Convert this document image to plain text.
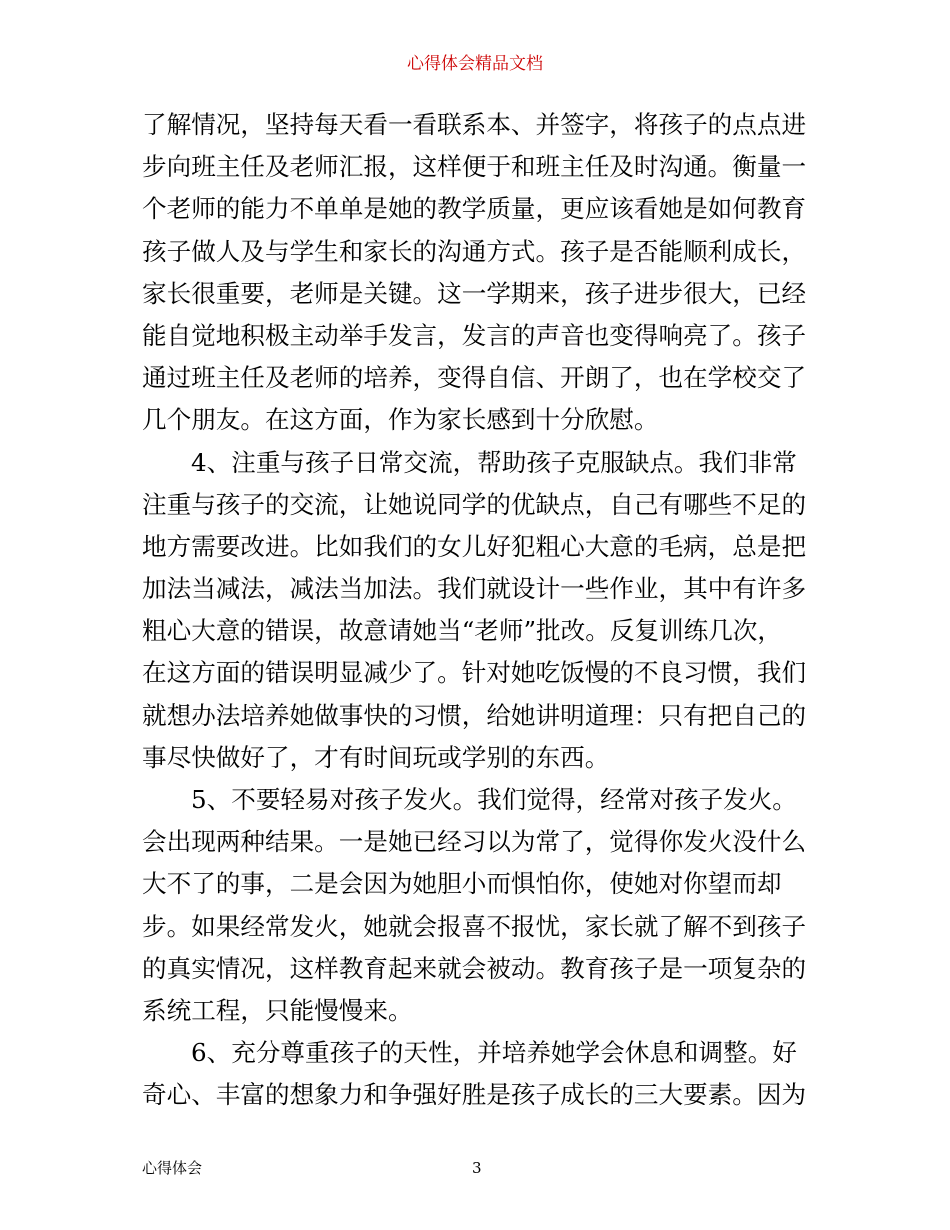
心得体会精品文档
了解情况，坚持每天看一看联系本、并签字，将孩子的点点进
步向班主任及老师汇报，这样便于和班主任及时沟通。衡量一
个老师的能力不单单是她的教学质量，更应该看她是如何教育
孩子做人及与学生和家长的沟通方式。孩子是否能顺利成长，
家长很重要，老师是关键。这一学期来，孩子进步很大，已经
能自觉地积极主动举手发言，发言的声音也变得响亮了。孩子
通过班主任及老师的培养，变得自信、开朗了，也在学校交了
几个朋友。在这方面，作为家长感到十分欣慰。
4、注重与孩子日常交流，帮助孩子克服缺点。我们非常
注重与孩子的交流，让她说同学的优缺点，自己有哪些不足的
地方需要改进。比如我们的女儿好犯粗心大意的毛病，总是把
加法当减法，减法当加法。我们就设计一些作业，其中有许多
粗心大意的错误，故意请她当“老师”批改。反复训练几次，
在这方面的错误明显减少了。针对她吃饭慢的不良习惯，我们
就想办法培养她做事快的习惯，给她讲明道理：只有把自己的
事尽快做好了，才有时间玩或学别的东西。
5、不要轻易对孩子发火。我们觉得，经常对孩子发火。
会出现两种结果。一是她已经习以为常了，觉得你发火没什么
大不了的事，二是会因为她胆小而惧怕你，使她对你望而却
步。如果经常发火，她就会报喜不报忧，家长就了解不到孩子
的真实情况，这样教育起来就会被动。教育孩子是一项复杂的
系统工程，只能慢慢来。
6、充分尊重孩子的天性，并培养她学会休息和调整。好
奇心、丰富的想象力和争强好胜是孩子成长的三大要素。因为
心得体会	3
